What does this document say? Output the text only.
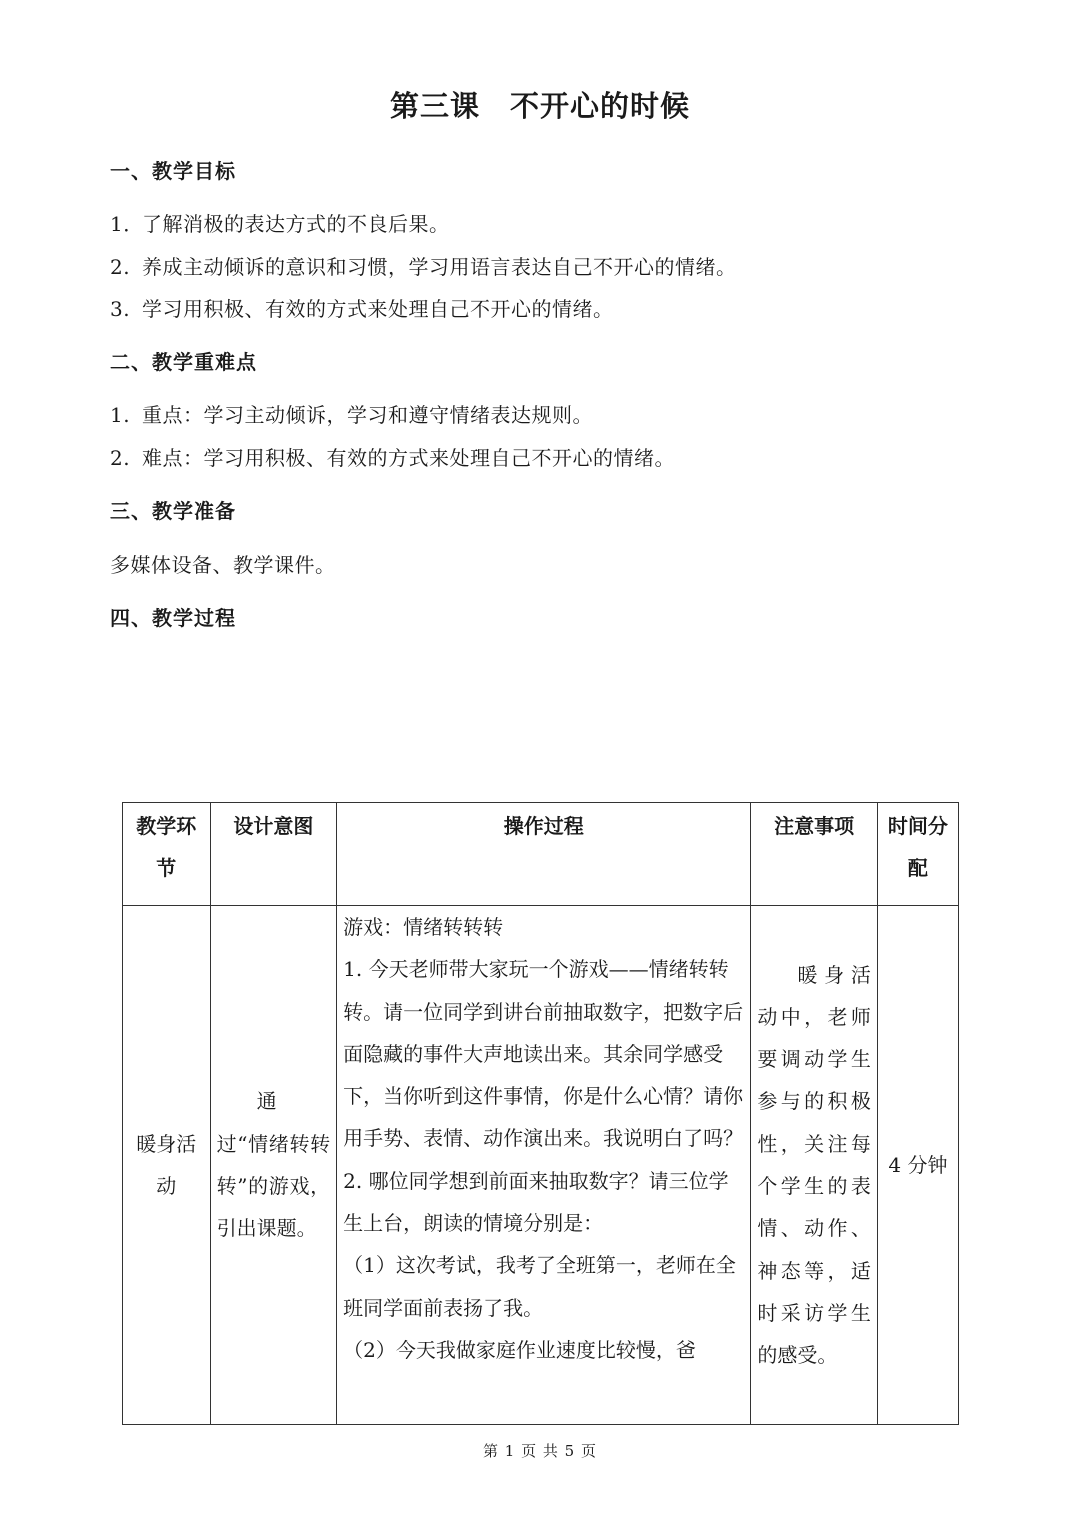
第三课　不开心的时候
一、教学目标
1．了解消极的表达方式的不良后果。
2. 养成主动倾诉的意识和习惯，学习用语言表达自己不开心的情绪。
3. 学习用积极、有效的方式来处理自己不开心的情绪。
二、教学重难点
1. 重点：学习主动倾诉，学习和遵守情绪表达规则。
2. 难点：学习用积极、有效的方式来处理自己不开心的情绪。
三、教学准备
多媒体设备、教学课件。
四、教学过程
教学环节	设计意图	操作过程	注意事项	时间分配
暖身活动	通　过“情绪转转转”的游戏，引出课题。	游戏：情绪转转转

1. 今天老师带大家玩一个游戏——情绪转转转。请一位同学到讲台前抽取数字，把数字后面隐藏的事件大声地读出来。其余同学感受下，当你听到这件事情，你是什么心情？请你用手势、表情、动作演出来。我说明白了吗？

2. 哪位同学想到前面来抽取数字？请三位学生上台，朗读的情境分别是：

（1）这次考试，我考了全班第一，老师在全班同学面前表扬了我。

（2）今天我做家庭作业速度比较慢，爸	暖身活动中，老师要调动学生参与的积极性，关注每个学生的表情、动作、神态等，适时采访学生的感受。	4 分钟
第 1 页 共 5 页
